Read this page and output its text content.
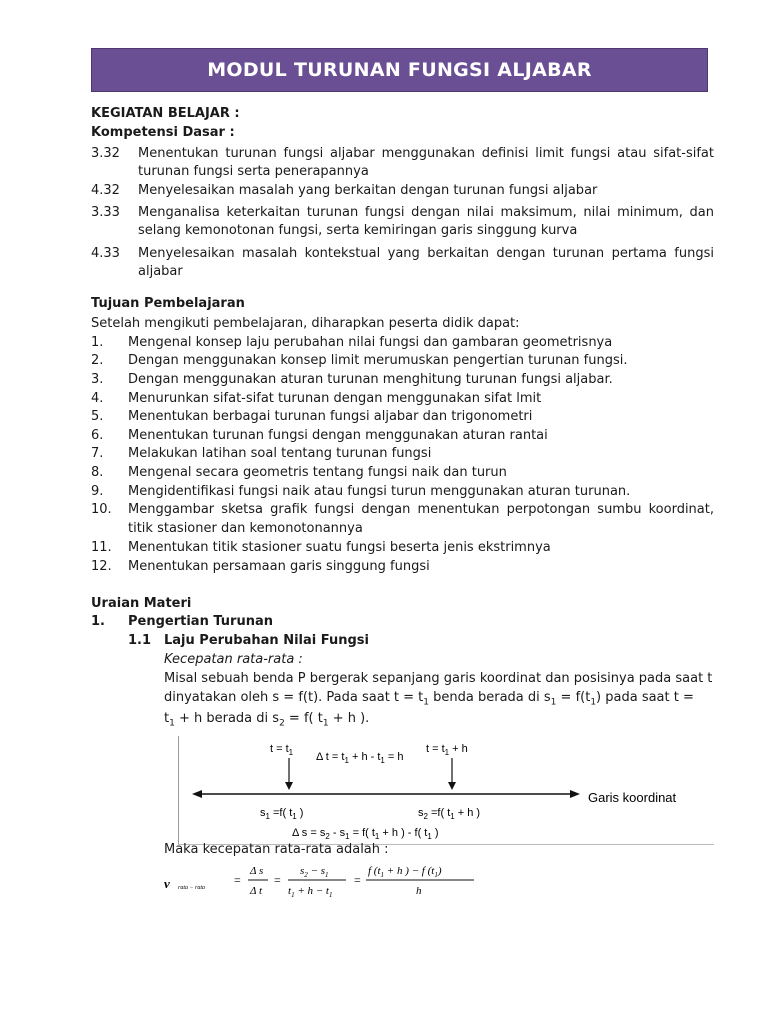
MODUL TURUNAN FUNGSI ALJABAR
KEGIATAN BELAJAR :
Kompetensi Dasar :
3.32 Menentukan turunan fungsi aljabar menggunakan definisi limit fungsi atau sifat-sifat
turunan fungsi serta penerapannya
4.32 Menyelesaikan masalah yang berkaitan dengan turunan fungsi aljabar
3.33 Menganalisa keterkaitan turunan fungsi dengan nilai maksimum, nilai minimum, dan
selang kemonotonan fungsi, serta kemiringan garis singgung kurva
4.33 Menyelesaikan masalah kontekstual yang berkaitan dengan turunan pertama fungsi
aljabar
Tujuan Pembelajaran
Setelah mengikuti pembelajaran, diharapkan peserta didik dapat:
1. Mengenal konsep laju perubahan nilai fungsi dan gambaran geometrisnya
2. Dengan menggunakan konsep limit merumuskan pengertian turunan fungsi.
3. Dengan menggunakan aturan turunan menghitung turunan fungsi aljabar.
4. Menurunkan sifat-sifat turunan dengan menggunakan sifat lmit
5. Menentukan berbagai turunan fungsi aljabar dan trigonometri
6. Menentukan turunan fungsi dengan menggunakan aturan rantai
7. Melakukan latihan soal tentang turunan fungsi
8. Mengenal secara geometris tentang fungsi naik dan turun
9. Mengidentifikasi fungsi naik atau fungsi turun menggunakan aturan turunan.
10. Menggambar sketsa grafik fungsi dengan menentukan perpotongan sumbu koordinat,
titik stasioner dan kemonotonannya
11. Menentukan titik stasioner suatu fungsi beserta jenis ekstrimnya
12. Menentukan persamaan garis singgung fungsi
Uraian Materi
1. Pengertian Turunan
1.1 Laju Perubahan Nilai Fungsi
Kecepatan rata-rata :
Misal sebuah benda P bergerak sepanjang garis koordinat dan posisinya pada saat t
dinyatakan oleh s = f(t). Pada saat $t = t_1$ benda berada di $s_1 = f(t_1)$ pada saat t =
$t_1 + h$ berada di $s_2 = f$( $t_1 + h$ ).
$t = t_1$ Δ $t = t_1 + h - t_1 = h$
$t = t_1 + h$
Garis koordinat
$s_1 =f$( $t_1$ )	$s_2 =f$( $t_1 + h$ )
Δ $s = s_2 - s_1 = f$( $t_1 + h$ ) - f( $t_1$ )
Maka kecepatan rata-rata adalah :
v rata − rata
=
Δ s
Δ t
=
$s_2 - s_1$
$t_1 + h - t_1$
=
f ($t_1 + h$ ) − f $(t_1)$
h
